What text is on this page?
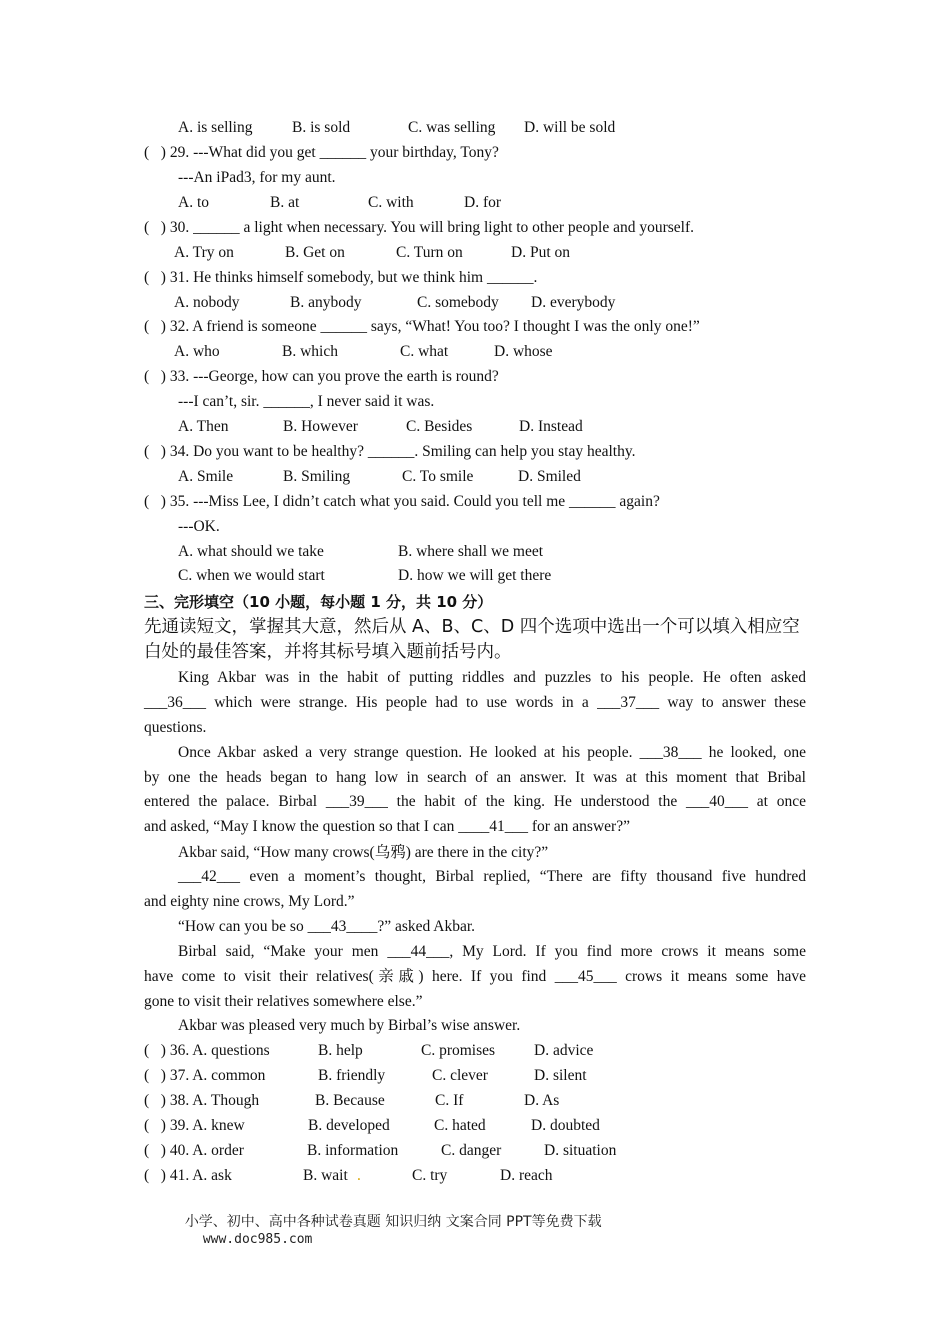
A. is selling	B. is sold	C. was selling D. will be sold
(   ) 29. ---What did you get ______ your birthday, Tony?
---An iPad3, for my aunt.
A. to	B. at	C. with	D. for
(   ) 30. ______ a light when necessary. You will bring light to other people and yourself.
A. Try on	B. Get on	C. Turn on	D. Put on
(   ) 31. He thinks himself somebody, but we think him ______.
A. nobody	B. anybody	C. somebody D. everybody
(   ) 32. A friend is someone ______ says, “What! You too? I thought I was the only one!”
A. who	B. which	C. what	D. whose
(   ) 33. ---George, how can you prove the earth is round?
---I can’t, sir. ______, I never said it was.
A. Then	B. However	C. Besides	D. Instead
(   ) 34. Do you want to be healthy? ______. Smiling can help you stay healthy.
A. Smile	B. Smiling	C. To smile	D. Smiled
(   ) 35. ---Miss Lee, I didn’t catch what you said. Could you tell me ______ again?
---OK.
A. what should we take	B. where shall we meet
C. when we would start	D. how we will get there
三、完形填空（10 小题，每小题 1 分，共 10 分）
先通读短文，掌握其大意，然后从 A、B、C、D 四个选项中选出一个可以填入相应空白处的最佳答案，并将其标号填入题前括号内。
King Akbar was in the habit of putting riddles and puzzles to his people. He often asked
___36___ which were strange. His people had to use words in a ___37___ way to answer these
questions.
Once Akbar asked a very strange question. He looked at his people. ___38___ he looked, one
by one the heads began to hang low in search of an answer. It was at this moment that Bribal
entered the palace. Birbal ___39___ the habit of the king. He understood the ___40___ at once
and asked, “May I know the question so that I can ____41___ for an answer?”
Akbar said, “How many crows(乌鸦) are there in the city?”
___42___ even a moment’s thought, Birbal replied, “There are fifty thousand five hundred
and eighty nine crows, My Lord.”
“How can you be so ___43____?” asked Akbar.
Birbal said, “Make your men ___44___, My Lord. If you find more crows it means some
have come to visit their relatives(亲戚) here. If you find ___45___ crows it means some have
gone to visit their relatives somewhere else.”
Akbar was pleased very much by Birbal’s wise answer.
(   ) 36. A. questions	B. help	C. promises	D. advice
(   ) 37. A. common	B. friendly	C. clever	D. silent
(   ) 38. A. Though	B. Because	C. If	D. As
(   ) 39. A. knew	B. developed	C. hated	D. doubted
(   ) 40. A. order	B. information	C. danger	D. situation
(   ) 41. A. ask	B. wait .	C. try	D. reach

小学、初中、高中各种试卷真题 知识归纳 文案合同 PPT等免费下载
www.doc985.com
